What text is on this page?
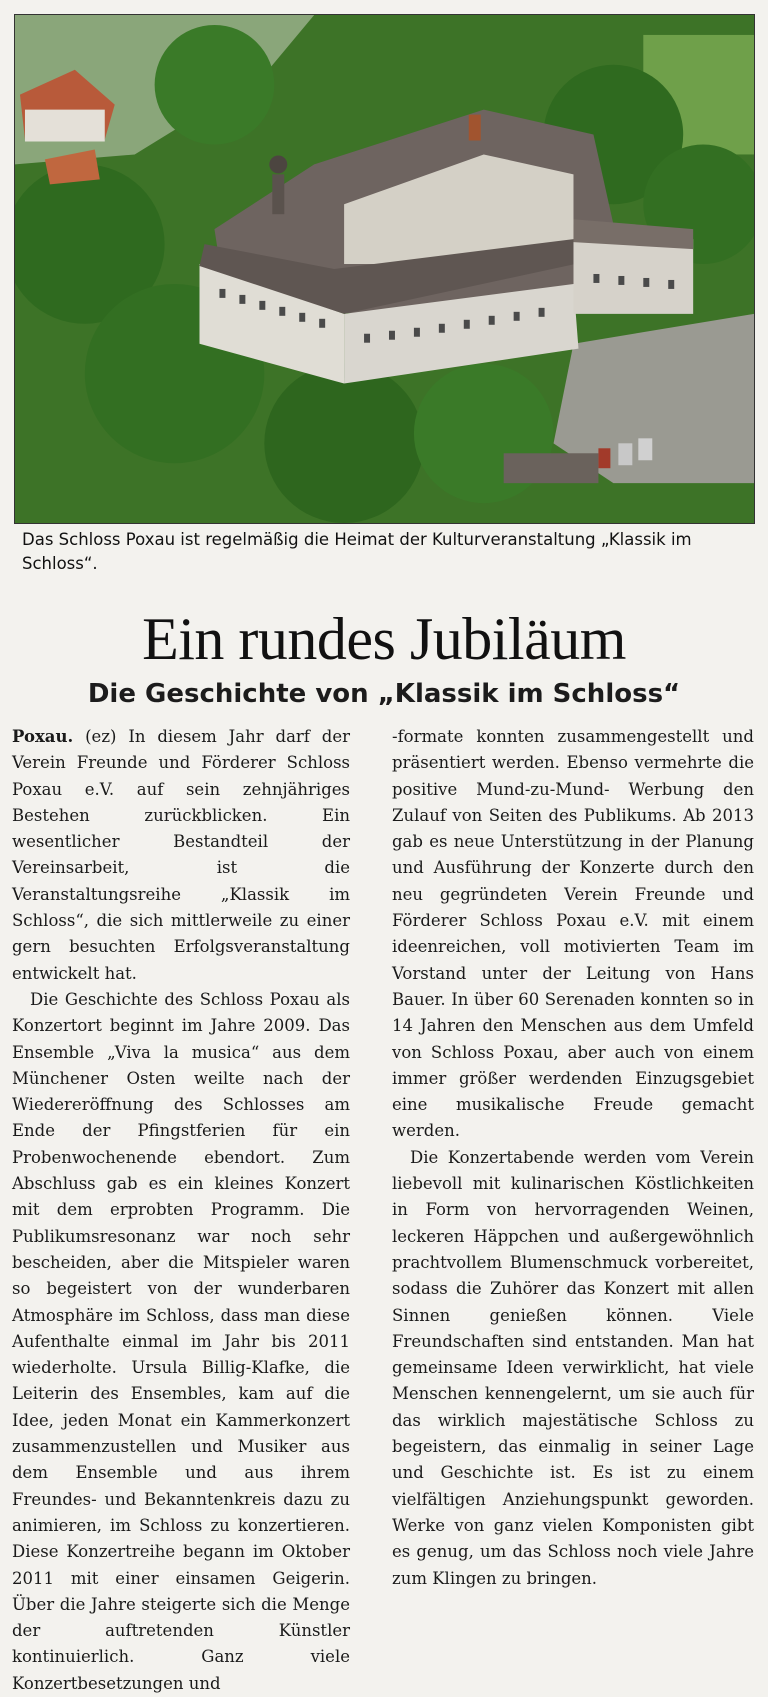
Das Schloss Poxau ist regelmäßig die Heimat der Kulturveranstaltung „Klassik im Schloss“.
Ein rundes Jubiläum
Die Geschichte von „Klassik im Schloss“

Poxau. (ez) In diesem Jahr darf der Verein Freunde und Förderer Schloss Poxau e.V. auf sein zehnjähriges Bestehen zurückblicken. Ein wesentlicher Bestandteil der Vereinsarbeit, ist die Veranstaltungsreihe „Klassik im Schloss“, die sich mittlerweile zu einer gern besuchten Erfolgsveranstaltung entwickelt hat.

Die Geschichte des Schloss Poxau als Konzertort beginnt im Jahre 2009. Das Ensemble „Viva la musica“ aus dem Münchener Osten weilte nach der Wiedereröffnung des Schlosses am Ende der Pfingstferien für ein Probenwochenende ebendort. Zum Abschluss gab es ein kleines Konzert mit dem erprobten Programm. Die Publikumsresonanz war noch sehr bescheiden, aber die Mitspieler waren so begeistert von der wunderbaren Atmosphäre im Schloss, dass man diese Aufenthalte einmal im Jahr bis 2011 wiederholte. Ursula Billig-Klafke, die Leiterin des Ensembles, kam auf die Idee, jeden Monat ein Kammerkonzert zusammenzustellen und Musiker aus dem Ensemble und aus ihrem Freundes- und Bekanntenkreis dazu zu animieren, im Schloss zu konzertieren. Diese Konzertreihe begann im Oktober 2011 mit einer einsamen Geigerin. Über die Jahre steigerte sich die Menge der auftretenden Künstler kontinuierlich. Ganz viele Konzertbesetzungen und

-formate konnten zusammengestellt und präsentiert werden. Ebenso vermehrte die positive Mund-zu-Mund- Werbung den Zulauf von Seiten des Publikums. Ab 2013 gab es neue Unterstützung in der Planung und Ausführung der Konzerte durch den neu gegründeten Verein Freunde und Förderer Schloss Poxau e.V. mit einem ideenreichen, voll motivierten Team im Vorstand unter der Leitung von Hans Bauer. In über 60 Serenaden konnten so in 14 Jahren den Menschen aus dem Umfeld von Schloss Poxau, aber auch von einem immer größer werdenden Einzugsgebiet eine musikalische Freude gemacht werden.

Die Konzertabende werden vom Verein liebevoll mit kulinarischen Köstlichkeiten in Form von hervorragenden Weinen, leckeren Häppchen und außergewöhnlich prachtvollem Blumenschmuck vorbereitet, sodass die Zuhörer das Konzert mit allen Sinnen genießen können. Viele Freundschaften sind entstanden. Man hat gemeinsame Ideen verwirklicht, hat viele Menschen kennengelernt, um sie auch für das wirklich majestätische Schloss zu begeistern, das einmalig in seiner Lage und Geschichte ist. Es ist zu einem vielfältigen Anziehungspunkt geworden. Werke von ganz vielen Komponisten gibt es genug, um das Schloss noch viele Jahre zum Klingen zu bringen.
